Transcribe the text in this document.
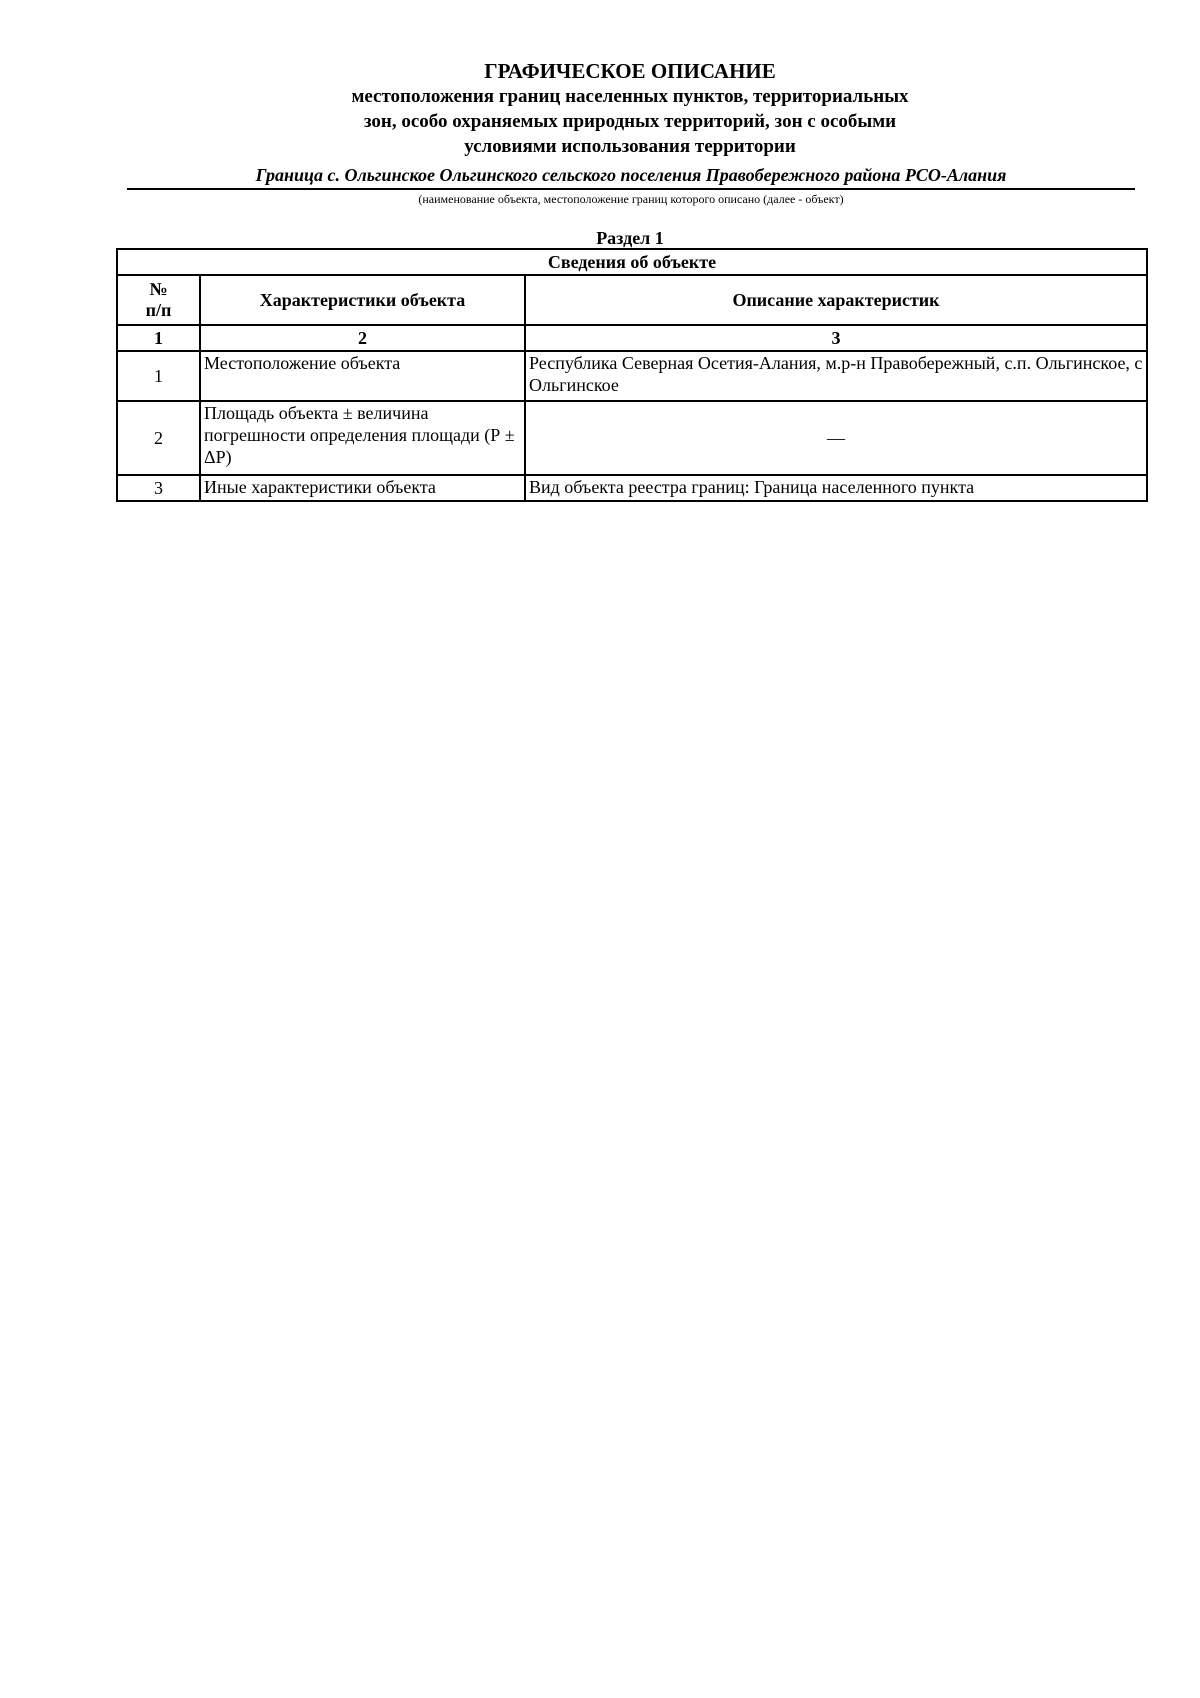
ГРАФИЧЕСКОЕ ОПИСАНИЕ
местоположения границ населенных пунктов, территориальных
зон, особо охраняемых природных территорий, зон с особыми
условиями использования территории
Граница с. Ольгинское Ольгинского сельского поселения Правобережного района РСО-Алания
(наименование объекта, местоположение границ которого описано (далее - объект)
Раздел 1
Сведения об объекте		
№
п/п	Характеристики объекта	Описание характеристик
1	2	3
1	Местоположение объекта	Республика Северная Осетия-Алания, м.р-н Правобережный, с.п. Ольгинское, с Ольгинское
2	Площадь объекта ± величина погрешности определения площади (Р ± ΔР)	—
3	Иные характеристики объекта	Вид объекта реестра границ: Граница населенного пункта
